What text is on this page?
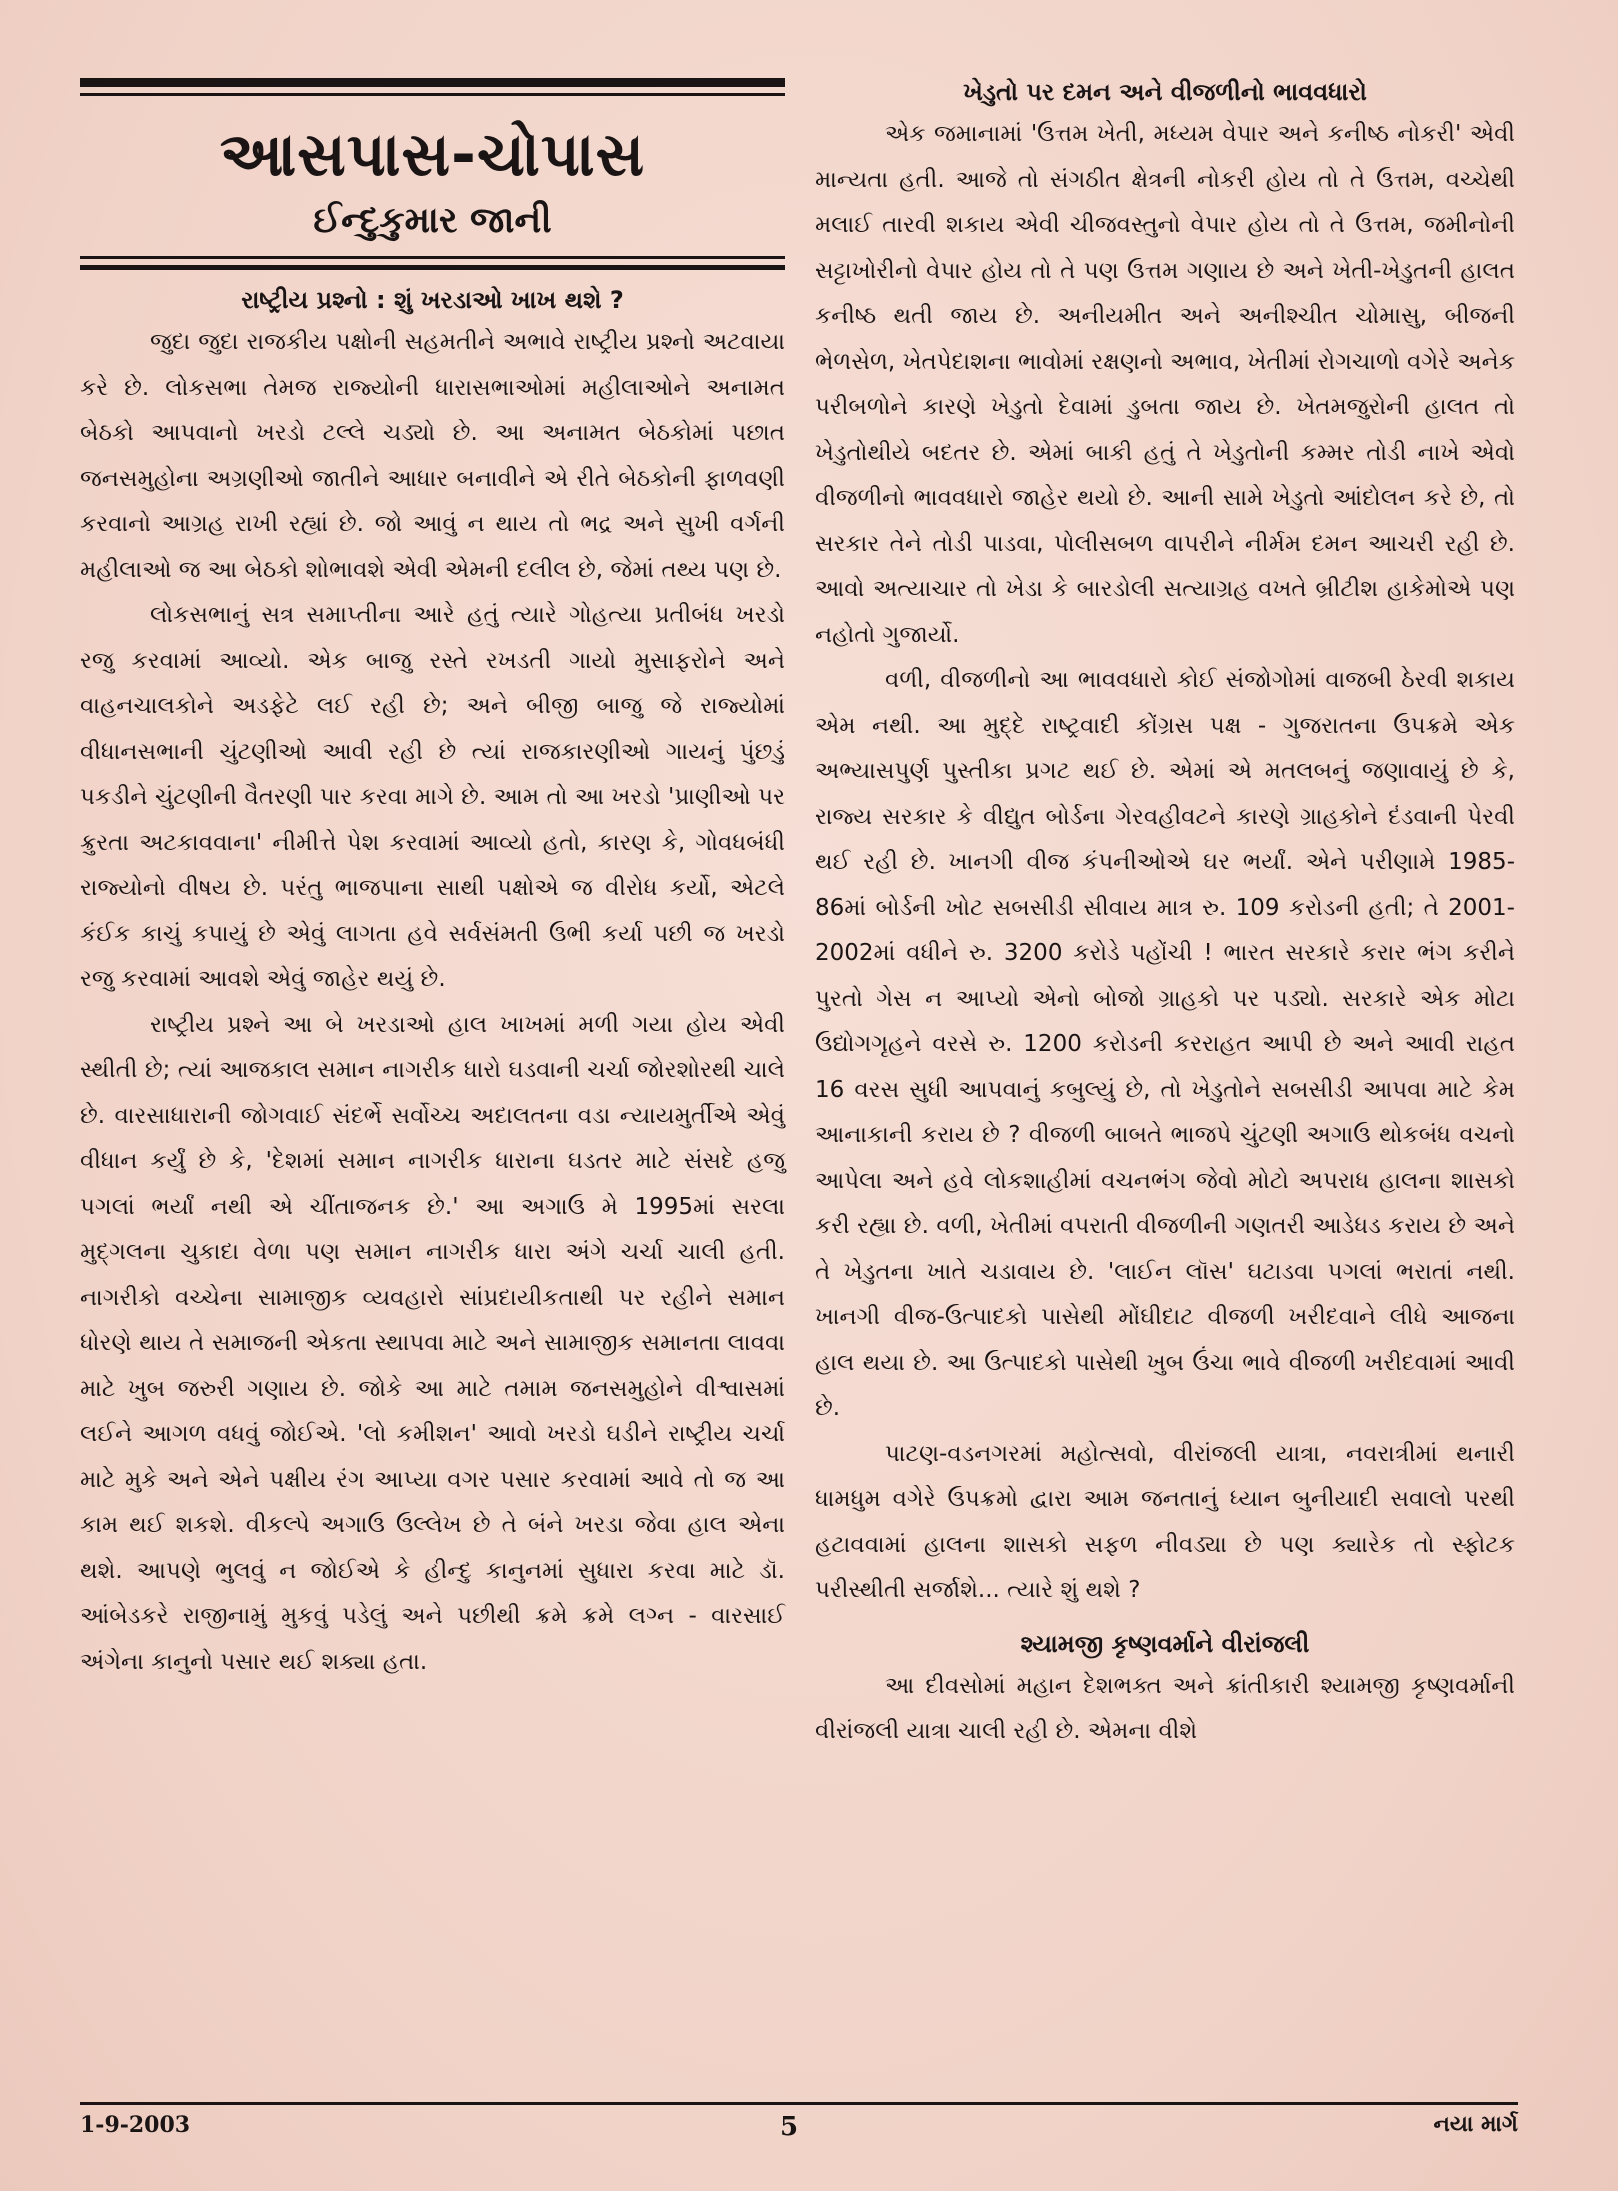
આસપાસ-ચોપાસ
ઈન્દુકુમાર જાની
રાષ્ટ્રીય પ્રશ્નો : શું ખરડાઓ ખાખ થશે ?

જુદા જુદા રાજકીય પક્ષોની સહમતીને અભાવે રાષ્ટ્રીય પ્રશ્નો અટવાયા કરે છે. લોકસભા તેમજ રાજ્યોની ધારાસભાઓમાં મહીલાઓને અનામત બેઠકો આપવાનો ખરડો ટલ્લે ચડ્યો છે. આ અનામત બેઠકોમાં પછાત જનસમુહોના અગ્રણીઓ જાતીને આધાર બનાવીને એ રીતે બેઠકોની ફાળવણી કરવાનો આગ્રહ રાખી રહ્યાં છે. જો આવું ન થાય તો ભદ્ર અને સુખી વર્ગની મહીલાઓ જ આ બેઠકો શોભાવશે એવી એમની દલીલ છે, જેમાં તથ્ય પણ છે.

લોકસભાનું સત્ર સમાપ્તીના આરે હતું ત્યારે ગોહત્યા પ્રતીબંધ ખરડો રજુ કરવામાં આવ્યો. એક બાજુ રસ્તે રખડતી ગાયો મુસાફરોને અને વાહનચાલકોને અડફેટે લઈ રહી છે; અને બીજી બાજુ જે રાજ્યોમાં વીધાનસભાની ચુંટણીઓ આવી રહી છે ત્યાં રાજકારણીઓ ગાયનું પુંછડું પકડીને ચુંટણીની વૈતરણી પાર કરવા માગે છે. આમ તો આ ખરડો 'પ્રાણીઓ પર ક્રુરતા અટકાવવાના' નીમીત્તે પેશ કરવામાં આવ્યો હતો, કારણ કે, ગોવધબંધી રાજ્યોનો વીષય છે. પરંતુ ભાજપાના સાથી પક્ષોએ જ વીરોધ કર્યો, એટલે કંઈક કાચું કપાયું છે એવું લાગતા હવે સર્વસંમતી ઉભી કર્યા પછી જ ખરડો રજુ કરવામાં આવશે એવું જાહેર થયું છે.

રાષ્ટ્રીય પ્રશ્ને આ બે ખરડાઓ હાલ ખાખમાં મળી ગયા હોય એવી સ્થીતી છે; ત્યાં આજકાલ સમાન નાગરીક ધારો ઘડવાની ચર્ચા જોરશોરથી ચાલે છે. વારસાધારાની જોગવાઈ સંદર્ભે સર્વોચ્ચ અદાલતના વડા ન્યાયમુર્તીએ એવું વીધાન કર્યું છે કે, 'દેશમાં સમાન નાગરીક ધારાના ઘડતર માટે સંસદે હજુ પગલાં ભર્યાં નથી એ ચીંતાજનક છે.' આ અગાઉ મે 1995માં સરલા મુદ્ગલના ચુકાદા વેળા પણ સમાન નાગરીક ધારા અંગે ચર્ચા ચાલી હતી. નાગરીકો વચ્ચેના સામાજીક વ્યવહારો સાંપ્રદાયીકતાથી પર રહીને સમાન ધોરણે થાય તે સમાજની એકતા સ્થાપવા માટે અને સામાજીક સમાનતા લાવવા માટે ખુબ જરુરી ગણાય છે. જોકે આ માટે તમામ જનસમુહોને વીશ્વાસમાં લઈને આગળ વધવું જોઈએ. 'લો કમીશન' આવો ખરડો ઘડીને રાષ્ટ્રીય ચર્ચા માટે મુકે અને એને પક્ષીય રંગ આપ્યા વગર પસાર કરવામાં આવે તો જ આ કામ થઈ શકશે. વીકલ્પે અગાઉ ઉલ્લેખ છે તે બંને ખરડા જેવા હાલ એના થશે. આપણે ભુલવું ન જોઈએ કે હીન્દુ કાનુનમાં સુધારા કરવા માટે ડૉ. આંબેડકરે રાજીનામું મુકવું પડેલું અને પછીથી ક્રમે ક્રમે લગ્ન - વારસાઈ અંગેના કાનુનો પસાર થઈ શક્યા હતા.

ખેડુતો પર દમન અને વીજળીનો ભાવવધારો

એક જમાનામાં 'ઉત્તમ ખેતી, મધ્યમ વેપાર અને કનીષ્ઠ નોકરી' એવી માન્યતા હતી. આજે તો સંગઠીત ક્ષેત્રની નોકરી હોય તો તે ઉત્તમ, વચ્ચેથી મલાઈ તારવી શકાય એવી ચીજવસ્તુનો વેપાર હોય તો તે ઉત્તમ, જમીનોની સટ્ટાખોરીનો વેપાર હોય તો તે પણ ઉત્તમ ગણાય છે અને ખેતી-ખેડુતની હાલત કનીષ્ઠ થતી જાય છે. અનીયમીત અને અનીશ્ચીત ચોમાસુ, બીજની ભેળસેળ, ખેતપેદાશના ભાવોમાં રક્ષણનો અભાવ, ખેતીમાં રોગચાળો વગેરે અનેક પરીબળોને કારણે ખેડુતો દેવામાં ડુબતા જાય છે. ખેતમજુરોની હાલત તો ખેડુતોથીયે બદતર છે. એમાં બાકી હતું તે ખેડુતોની કમ્મર તોડી નાખે એવો વીજળીનો ભાવવધારો જાહેર થયો છે. આની સામે ખેડુતો આંદોલન કરે છે, તો સરકાર તેને તોડી પાડવા, પોલીસબળ વાપરીને નીર્મમ દમન આચરી રહી છે. આવો અત્યાચાર તો ખેડા કે બારડોલી સત્યાગ્રહ વખતે બ્રીટીશ હાકેમોએ પણ નહોતો ગુજાર્યો.

વળી, વીજળીનો આ ભાવવધારો કોઈ સંજોગોમાં વાજબી ઠેરવી શકાય એમ નથી. આ મુદ્દે રાષ્ટ્રવાદી કોંગ્રસ પક્ષ - ગુજરાતના ઉપક્રમે એક અભ્યાસપુર્ણ પુસ્તીકા પ્રગટ થઈ છે. એમાં એ મતલબનું જણાવાયું છે કે, રાજ્ય સરકાર કે વીદ્યુત બોર્ડના ગેરવહીવટને કારણે ગ્રાહકોને દંડવાની પેરવી થઈ રહી છે. ખાનગી વીજ કંપનીઓએ ઘર ભર્યાં. એને પરીણામે 1985- 86માં બોર્ડની ખોટ સબસીડી સીવાય માત્ર રુ. 109 કરોડની હતી; તે 2001-2002માં વધીને રુ. 3200 કરોડે પહોંચી ! ભારત સરકારે કરાર ભંગ કરીને પુરતો ગેસ ન આપ્યો એનો બોજો ગ્રાહકો પર પડ્યો. સરકારે એક મોટા ઉદ્યોગગૃહને વરસે રુ. 1200 કરોડની કરરાહત આપી છે અને આવી રાહત 16 વરસ સુધી આપવાનું કબુલ્યું છે, તો ખેડુતોને સબસીડી આપવા માટે કેમ આનાકાની કરાય છે ? વીજળી બાબતે ભાજપે ચુંટણી અગાઉ થોકબંધ વચનો આપેલા અને હવે લોકશાહીમાં વચનભંગ જેવો મોટો અપરાધ હાલના શાસકો કરી રહ્યા છે. વળી, ખેતીમાં વપરાતી વીજળીની ગણતરી આડેધડ કરાય છે અને તે ખેડુતના ખાતે ચડાવાય છે. 'લાઈન લૉસ' ઘટાડવા પગલાં ભરાતાં નથી. ખાનગી વીજ-ઉત્પાદકો પાસેથી મોંઘીદાટ વીજળી ખરીદવાને લીધે આજના હાલ થયા છે. આ ઉત્પાદકો પાસેથી ખુબ ઉંચા ભાવે વીજળી ખરીદવામાં આવી છે.

પાટણ-વડનગરમાં મહોત્સવો, વીરાંજલી યાત્રા, નવરાત્રીમાં થનારી ધામધુમ વગેરે ઉપક્રમો દ્વારા આમ જનતાનું ધ્યાન બુનીયાદી સવાલો પરથી હટાવવામાં હાલના શાસકો સફળ નીવડ્યા છે પણ ક્યારેક તો સ્ફોટક પરીસ્થીતી સર્જાશે... ત્યારે શું થશે ?

શ્યામજી કૃષ્ણવર્માને વીરાંજલી

આ દીવસોમાં મહાન દેશભક્ત અને ક્રાંતીકારી શ્યામજી કૃષ્ણવર્માની વીરાંજલી યાત્રા ચાલી રહી છે. એમના વીશે

1-9-2003	5	નયા માર્ગ
